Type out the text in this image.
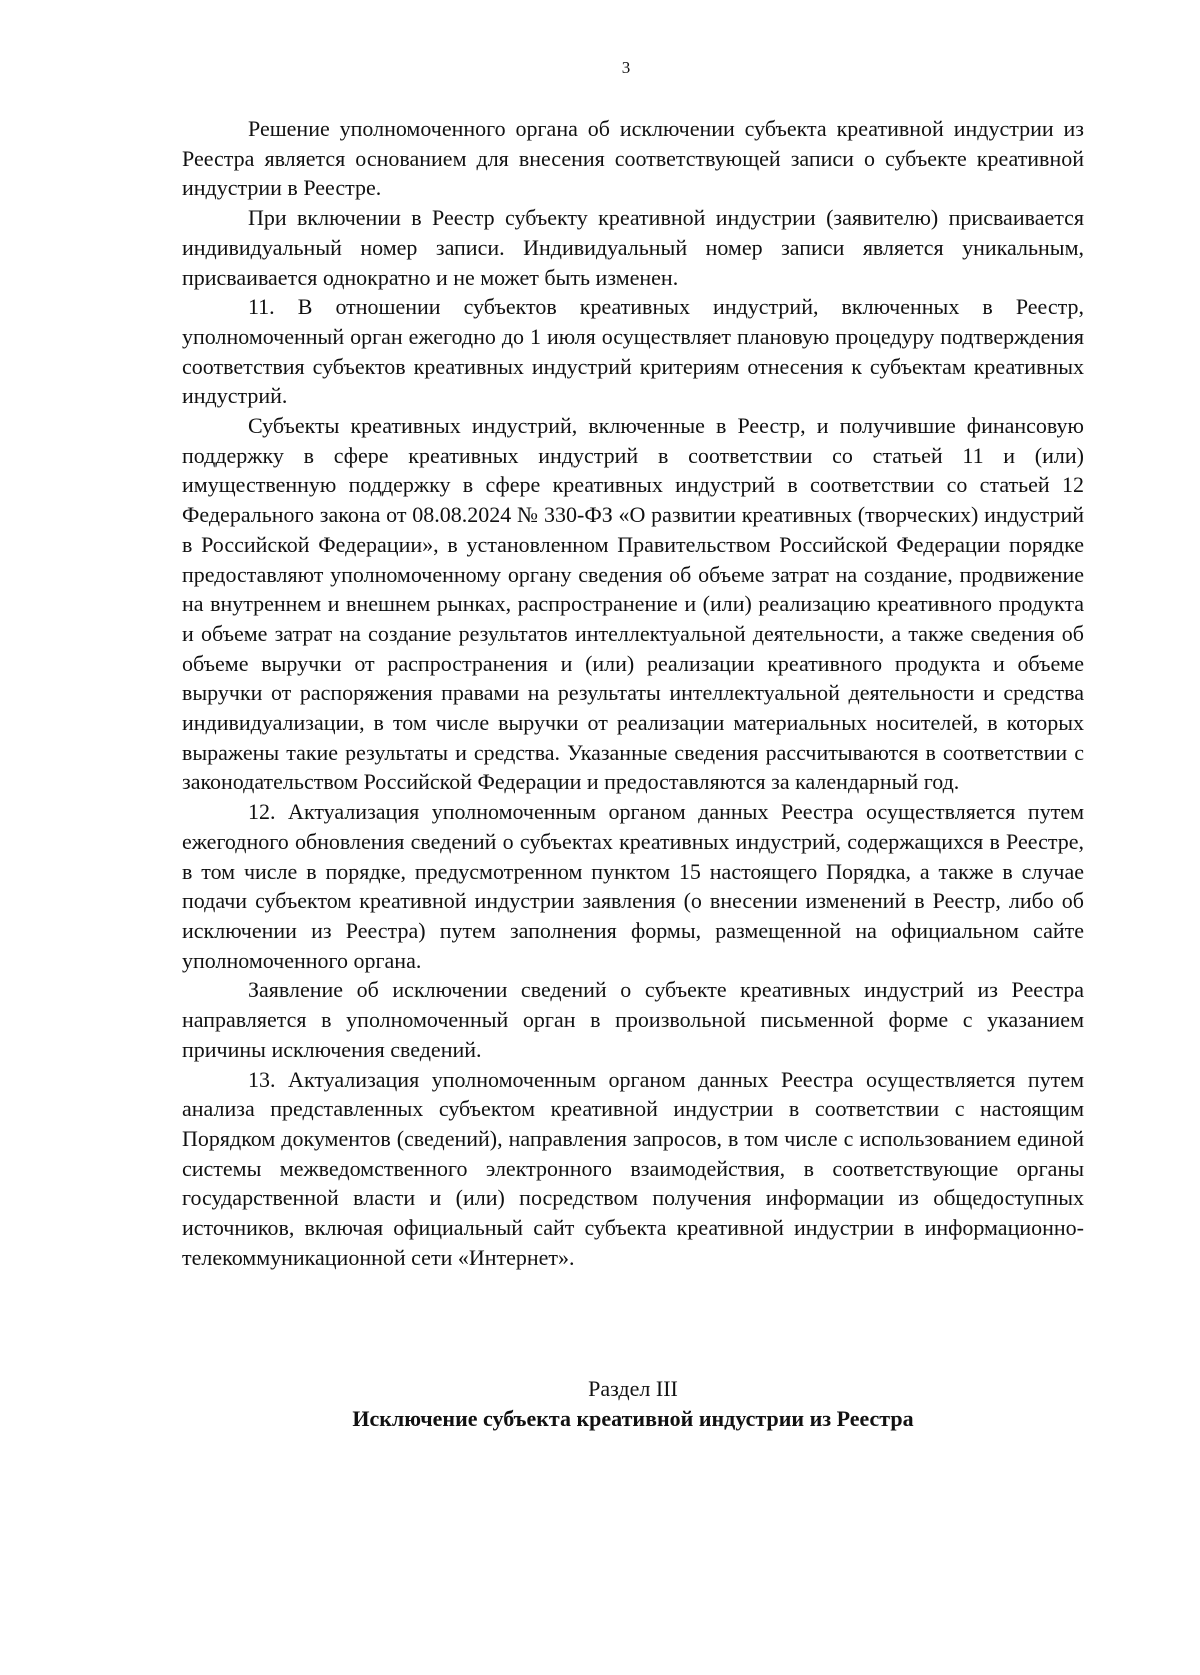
3

Решение уполномоченного органа об исключении субъекта креативной индустрии из Реестра является основанием для внесения соответствующей записи о субъекте креативной индустрии в Реестре.

При включении в Реестр субъекту креативной индустрии (заявителю) присваивается индивидуальный номер записи. Индивидуальный номер записи является уникальным, присваивается однократно и не может быть изменен.

11. В отношении субъектов креативных индустрий, включенных в Реестр, уполномоченный орган ежегодно до 1 июля осуществляет плановую процедуру подтверждения соответствия субъектов креативных индустрий критериям отнесения к субъектам креативных индустрий.

Субъекты креативных индустрий, включенные в Реестр, и получившие финансовую поддержку в сфере креативных индустрий в соответствии со статьей 11 и (или) имущественную поддержку в сфере креативных индустрий в соответствии со статьей 12 Федерального закона от 08.08.2024 № 330-ФЗ «О развитии креативных (творческих) индустрий в Российской Федерации», в установленном Правительством Российской Федерации порядке предоставляют уполномоченному органу сведения об объеме затрат на создание, продвижение на внутреннем и внешнем рынках, распространение и (или) реализацию креативного продукта и объеме затрат на создание результатов интеллектуальной деятельности, а также сведения об объеме выручки от распространения и (или) реализации креативного продукта и объеме выручки от распоряжения правами на результаты интеллектуальной деятельности и средства индивидуализации, в том числе выручки от реализации материальных носителей, в которых выражены такие результаты и средства. Указанные сведения рассчитываются в соответствии с законодательством Российской Федерации и предоставляются за календарный год.

12. Актуализация уполномоченным органом данных Реестра осуществляется путем ежегодного обновления сведений о субъектах креативных индустрий, содержащихся в Реестре, в том числе в порядке, предусмотренном пунктом 15 настоящего Порядка, а также в случае подачи субъектом креативной индустрии заявления (о внесении изменений в Реестр, либо об исключении из Реестра) путем заполнения формы, размещенной на официальном сайте уполномоченного органа.

Заявление об исключении сведений о субъекте креативных индустрий из Реестра направляется в уполномоченный орган в произвольной письменной форме с указанием причины исключения сведений.

13. Актуализация уполномоченным органом данных Реестра осуществляется путем анализа представленных субъектом креативной индустрии в соответствии с настоящим Порядком документов (сведений), направления запросов, в том числе с использованием единой системы межведомственного электронного взаимодействия, в соответствующие органы государственной власти и (или) посредством получения информации из общедоступных источников, включая официальный сайт субъекта креативной индустрии в информационно-телекоммуникационной сети «Интернет».

Раздел III

Исключение субъекта креативной индустрии из Реестра
